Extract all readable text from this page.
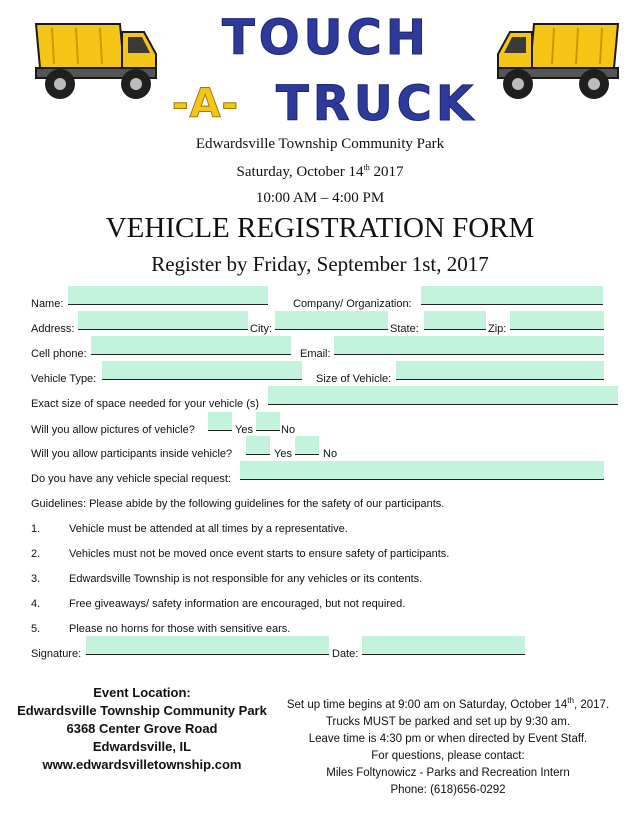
TOUCH
-A- TRUCK
Edwardsville Township Community Park
Saturday, October 14th 2017
10:00 AM – 4:00 PM
VEHICLE REGISTRATION FORM
Register by Friday, September 1st, 2017
Name:	Company/ Organization:
Address:	City:	State:	Zip:
Cell phone:	Email:
Vehicle Type:	Size of Vehicle:
Exact size of space needed for your vehicle (s)
Will you allow pictures of vehicle?	Yes	No
Will you allow participants inside vehicle?	Yes	No
Do you have any vehicle special request:
Guidelines: Please abide by the following guidelines for the safety of our participants.
1.	Vehicle must be attended at all times by a representative.
2.	Vehicles must not be moved once event starts to ensure safety of participants.
3.	Edwardsville Township is not responsible for any vehicles or its contents.
4.	Free giveaways/ safety information are encouraged, but not required.
5.	Please no horns for those with sensitive ears.
Signature:	Date:
Event Location:
Edwardsville Township Community Park
6368 Center Grove Road
Edwardsville, IL
www.edwardsvilletownship.com
Set up time begins at 9:00 am on Saturday, October 14th, 2017.
Trucks MUST be parked and set up by 9:30 am.
Leave time is 4:30 pm or when directed by Event Staff.
For questions, please contact:
Miles Foltynowicz - Parks and Recreation Intern
Phone: (618)656-0292
